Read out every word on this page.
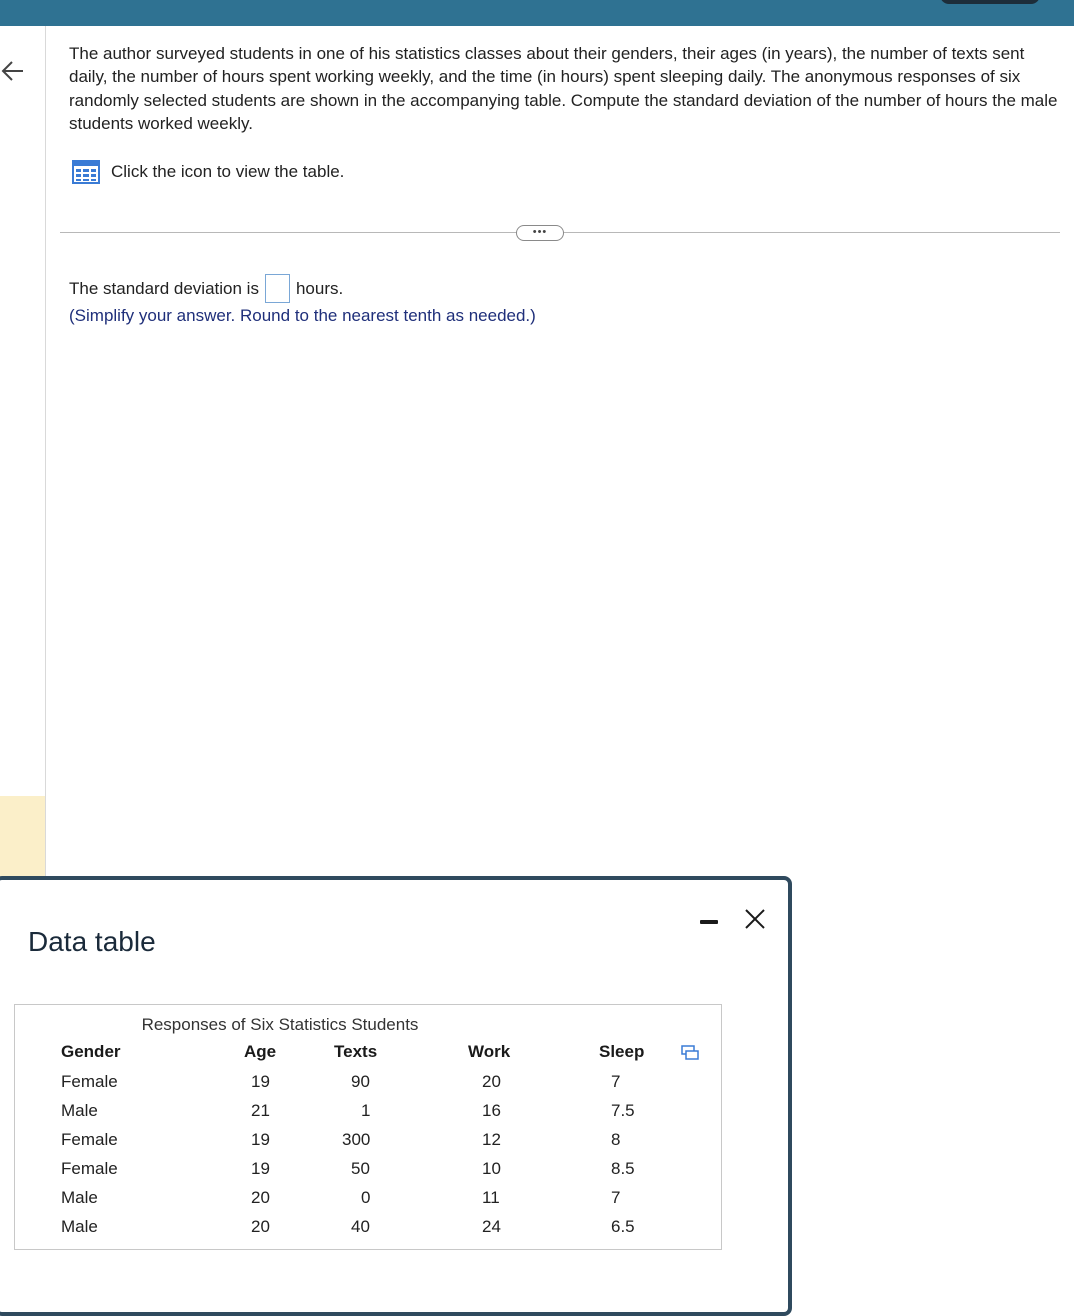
The author surveyed students in one of his statistics classes about their genders, their ages (in years), the number of texts sent daily, the number of hours spent working weekly, and the time (in hours) spent sleeping daily. The anonymous responses of six randomly selected students are shown in the accompanying table. Compute the standard deviation of the number of hours the male students worked weekly.

Click the icon to view the table.
•••
The standard deviation is hours.

(Simplify your answer. Round to the nearest tenth as needed.)

Data table
Responses of Six Statistics Students
Gender	Age	Texts	Work	Sleep
Female	19	90	20	7
Male	21	1	16	7.5
Female	19	300	12	8
Female	19	50	10	8.5
Male	20	0	11	7
Male	20	40	24	6.5
